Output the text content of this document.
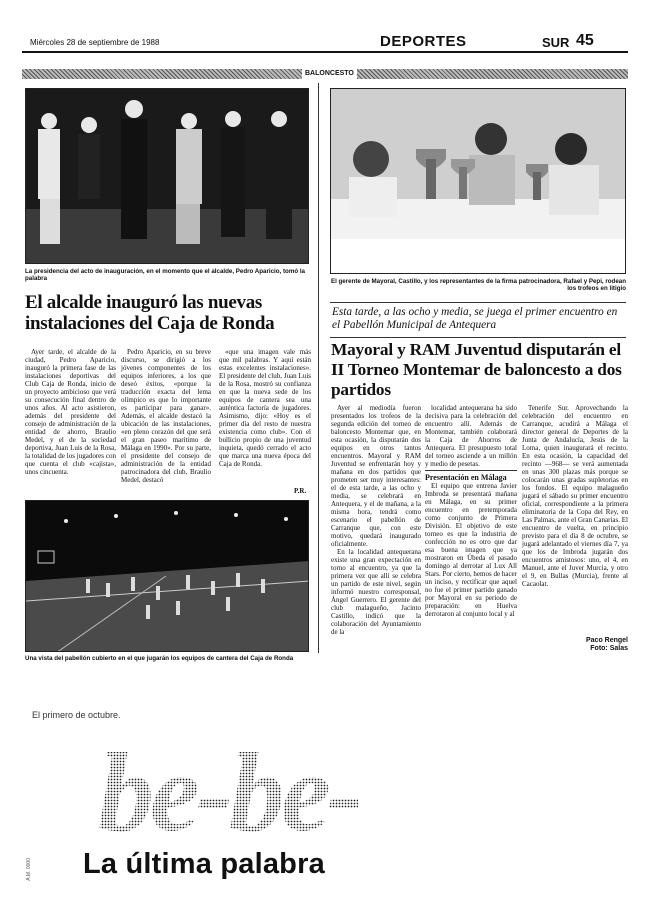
Miércoles 28 de septiembre de 1988	DEPORTES	SUR 45
BALONCESTO
La presidencia del acto de inauguración, en el momento que el alcalde, Pedro Aparicio, tomó la palabra	El gerente de Mayoral, Castillo, y los representantes de la firma patrocinadora, Rafael y Pepi, rodean los trofeos en litigio
El alcalde inauguró las nuevas instalaciones del Caja de Ronda

Ayer tarde, el alcalde de la ciudad, Pedro Aparicio, inauguró la primera fase de las instalaciones deportivas del Club Caja de Ronda, inicio de un proyecto ambicioso que verá su consecución final dentro de unos años. Al acto asistieron, además del presidente del consejo de administración de la entidad de ahorro, Braulio Medel, y el de la sociedad deportiva, Juan Luis de la Rosa, la totalidad de los jugadores con que cuenta el club «cajista», unos cincuenta.

Pedro Aparicio, en su breve discurso, se dirigió a los jóvenes componentes de los equipos inferiores, a los que deseó éxitos, «porque la traducción exacta del lema olímpico es que lo importante es participar para ganar». Además, el alcalde destacó la ubicación de las instalaciones, «en pleno corazón del que será el gran paseo marítimo de Málaga en 1990». Por su parte, el presidente del consejo de administración de la entidad patrocinadora del club, Braulio Medel, destacó

«que una imagen vale más que mil palabras. Y aquí están estas excelentes instalaciones». El presidente del club, Juan Luis de la Rosa, mostró su confianza en que la nueva sede de los equipos de cantera sea una auténtica factoría de jugadores. Asimismo, dijo: «Hoy es el primer día del resto de nuestra existencia como club». Con el bullicio propio de una juventud inquieta, quedó cerrado el acto que marca una nueva época del Caja de Ronda.

P.R.
Una vista del pabellón cubierto en el que jugarán los equipos de cantera del Caja de Ronda
Esta tarde, a las ocho y media, se juega el primer encuentro en el Pabellón Municipal de Antequera
Mayoral y RAM Juventud disputarán el II Torneo Montemar de baloncesto a dos partidos

Ayer al mediodía fueron presentados los trofeos de la segunda edición del torneo de baloncesto Montemar que, en esta ocasión, la disputarán dos equipos en otros tantos encuentros. Mayoral y RAM Juventud se enfrentarán hoy y mañana en dos partidos que prometen ser muy interesantes: el de esta tarde, a las ocho y media, se celebrará en Antequera, y el de mañana, a la misma hora, tendrá como escenario el pabellón de Carranque que, con este motivo, quedará inaugurado oficialmente.

En la localidad antequerana existe una gran expectación en torno al encuentro, ya que la primera vez que allí se celebra un partido de este nivel, según informó nuestro corresponsal, Ángel Guerrero. El gerente del club malagueño, Jacinto Castillo, indicó que la colaboración del Ayuntamiento de la

localidad antequerana ha sido decisiva para la celebración del encuentro allí. Además de Montemar, también colaborará la Caja de Ahorros de Antequera. El presupuesto total del torneo asciende a un millón y medio de pesetas.

Presentación en Málaga

El equipo que entrena Javier Imbroda se presentará mañana en Málaga, en su primer encuentro en pretemporada como conjunto de Primera División. El objetivo de este torneo es que la industria de confección no es otro que dar esa buena imagen que ya mostraron en Úbeda el pasado domingo al derrotar al Lux All Stars. Por cierto, hemos de hacer un inciso, y rectificar que aquel no fue el primer partido ganado por Mayoral en su periodo de preparación: en Huelva derrotaron al conjunto local y al

Tenerife Sur. Aprovechando la celebración del encuentro en Carranque, acudirá a Málaga el director general de Deportes de la Junta de Andalucía, Jesús de la Loma, quien inaugurará el recinto. En esta ocasión, la capacidad del recinto —968— se verá aumentada en unas 300 plazas más porque se colocarán unas gradas supletorias en los fondos. El equipo malagueño jugará el sábado su primer encuentro oficial, correspondiente a la primera eliminatoria de la Copa del Rey, en Las Palmas, ante el Gran Canarias. El encuentro de vuelta, en principio previsto para el día 8 de octubre, se jugará adelantado el viernes día 7, ya que los de Imbroda jugarán dos encuentros amistosos: uno, el 4, en Manuel, ante el Juver Murcia, y otro el 9, en Bullas (Murcia), frente al Cacaolat.

Paco Rengel
Foto: Salas
El primero de octubre.
be-be-
La última palabra
A.M. 0000
